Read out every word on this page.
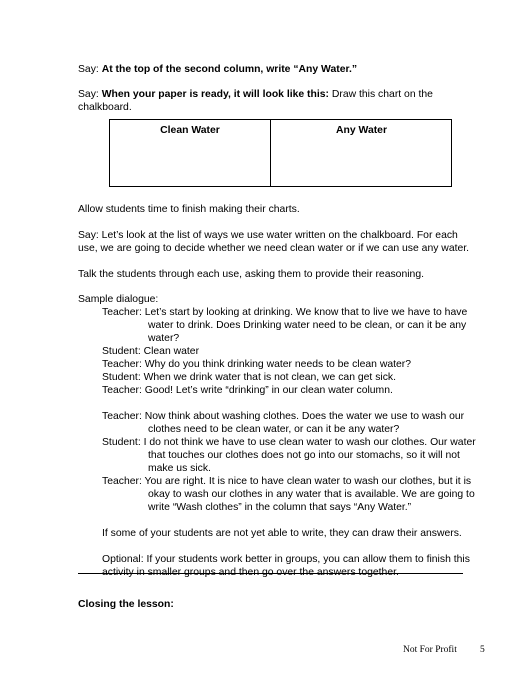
Say: At the top of the second column, write “Any Water.”

Say: When your paper is ready, it will look like this: Draw this chart on the

chalkboard.

Clean Water	Any Water

Allow students time to finish making their charts.

Say: Let’s look at the list of ways we use water written on the chalkboard. For each

use, we are going to decide whether we need clean water or if we can use any water.

Talk the students through each use, asking them to provide their reasoning.

Sample dialogue:

Teacher: Let’s start by looking at drinking. We know that to live we have to have
water to drink. Does Drinking water need to be clean, or can it be any
water?
Student: Clean water
Teacher: Why do you think drinking water needs to be clean water?
Student: When we drink water that is not clean, we can get sick.
Teacher: Good! Let’s write “drinking” in our clean water column.
Teacher: Now think about washing clothes. Does the water we use to wash our
clothes need to be clean water, or can it be any water?
Student: I do not think we have to use clean water to wash our clothes. Our water
that touches our clothes does not go into our stomachs, so it will not
make us sick.
Teacher: You are right. It is nice to have clean water to wash our clothes, but it is
okay to wash our clothes in any water that is available. We are going to
write “Wash clothes” in the column that says “Any Water.”

If some of your students are not yet able to write, they can draw their answers.

Optional: If your students work better in groups, you can allow them to finish this

activity in smaller groups and then go over the answers together.

Closing the lesson:

Not For Profit 5
